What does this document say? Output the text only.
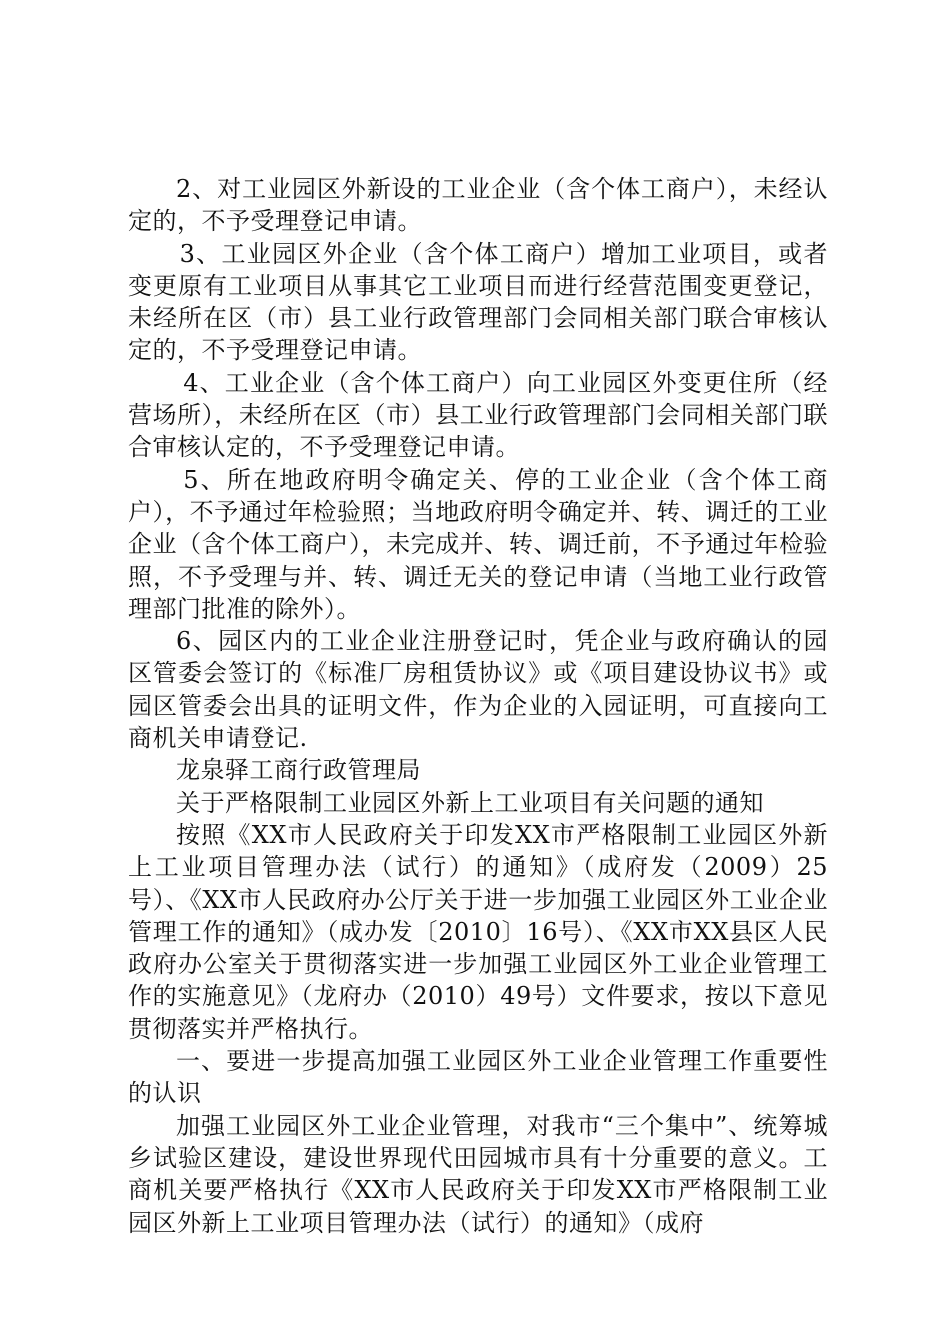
2、对工业园区外新设的工业企业（含个体工商户），未经认定的，不予受理登记申请。

3、工业园区外企业（含个体工商户）增加工业项目，或者变更原有工业项目从事其它工业项目而进行经营范围变更登记，未经所在区（市）县工业行政管理部门会同相关部门联合审核认定的，不予受理登记申请。

4、工业企业（含个体工商户）向工业园区外变更住所（经营场所），未经所在区（市）县工业行政管理部门会同相关部门联合审核认定的，不予受理登记申请。

5、所在地政府明令确定关、停的工业企业（含个体工商户），不予通过年检验照；当地政府明令确定并、转、调迁的工业企业（含个体工商户），未完成并、转、调迁前，不予通过年检验照，不予受理与并、转、调迁无关的登记申请（当地工业行政管理部门批准的除外）。

6、园区内的工业企业注册登记时，凭企业与政府确认的园区管委会签订的《标准厂房租赁协议》或《项目建设协议书》或园区管委会出具的证明文件，作为企业的入园证明，可直接向工商机关申请登记.

龙泉驿工商行政管理局

关于严格限制工业园区外新上工业项目有关问题的通知

按照《XX市人民政府关于印发XX市严格限制工业园区外新上工业项目管理办法（试行）的通知》（成府发（2009）25号）、《XX市人民政府办公厅关于进一步加强工业园区外工业企业管理工作的通知》（成办发〔2010〕16号）、《XX市XX县区人民政府办公室关于贯彻落实进一步加强工业园区外工业企业管理工作的实施意见》（龙府办（2010）49号）文件要求，按以下意见贯彻落实并严格执行。

一、要进一步提高加强工业园区外工业企业管理工作重要性的认识

加强工业园区外工业企业管理，对我市“三个集中”、统筹城乡试验区建设，建设世界现代田园城市具有十分重要的意义。工商机关要严格执行《XX市人民政府关于印发XX市严格限制工业园区外新上工业项目管理办法（试行）的通知》（成府
